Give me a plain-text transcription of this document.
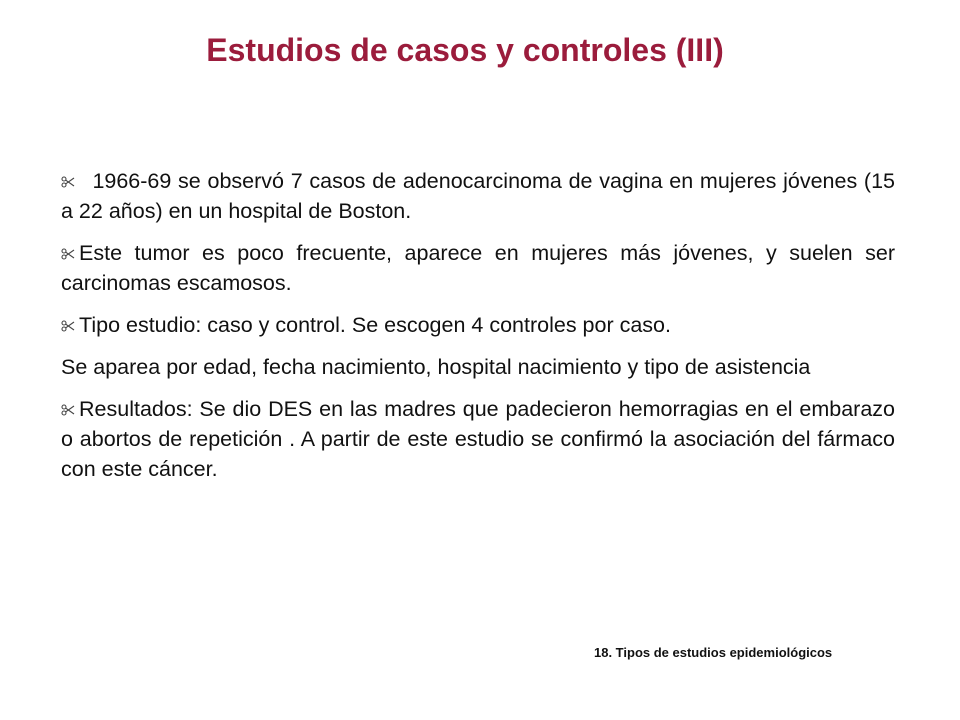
Estudios de casos y controles (III)

1966-69 se observó 7 casos de adenocarcinoma de vagina en mujeres jóvenes (15 a 22 años) en un hospital de Boston.

Este tumor es poco frecuente, aparece en mujeres más jóvenes, y suelen ser carcinomas escamosos.

Tipo estudio: caso y control. Se escogen 4 controles por caso.

Se aparea por edad, fecha nacimiento, hospital nacimiento y tipo de asistencia

Resultados: Se dio DES en las madres que padecieron hemorragias en el embarazo o abortos de repetición . A partir de este estudio se confirmó la asociación del fármaco con este cáncer.

18. Tipos de estudios epidemiológicos
